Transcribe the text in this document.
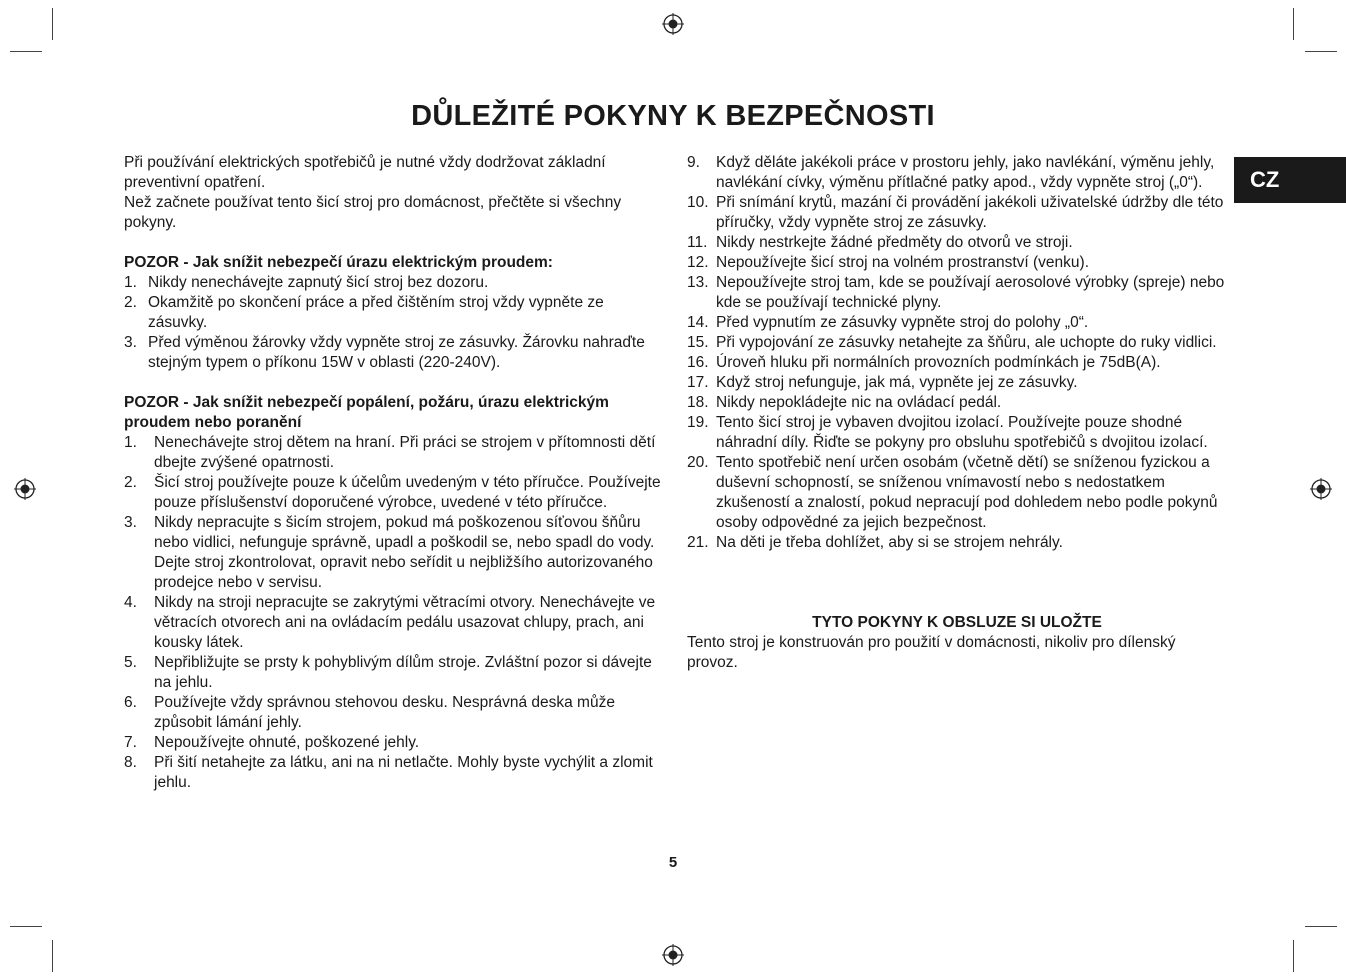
DŮLEŽITÉ POKYNY K BEZPEČNOSTI
CZ

Při používání elektrických spotřebičů je nutné vždy dodržovat základní preventivní opatření.

Než začnete používat tento šicí stroj pro domácnost, přečtěte si všechny pokyny.

POZOR - Jak snížit nebezpečí úrazu elektrickým proudem:

1. Nikdy nenechávejte zapnutý šicí stroj bez dozoru.
2. Okamžitě po skončení práce a před čištěním stroj vždy vypněte ze zásuvky.
3. Před výměnou žárovky vždy vypněte stroj ze zásuvky. Žárovku nahraďte stejným typem o příkonu 15W v oblasti (220-240V).

POZOR - Jak snížit nebezpečí popálení, požáru, úrazu elektrickým proudem nebo poranění

1. Nenechávejte stroj dětem na hraní. Při práci se strojem v přítomnosti dětí dbejte zvýšené opatrnosti.
2. Šicí stroj používejte pouze k účelům uvedeným v této příručce. Používejte pouze příslušenství doporučené výrobce, uvedené v této příručce.
3. Nikdy nepracujte s šicím strojem, pokud má poškozenou síťovou šňůru nebo vidlici, nefunguje správně, upadl a poškodil se, nebo spadl do vody. Dejte stroj zkontrolovat, opravit nebo seřídit u nejbližšího autorizovaného prodejce nebo v servisu.
4. Nikdy na stroji nepracujte se zakrytými větracími otvory. Nenechávejte ve větracích otvorech ani na ovládacím pedálu usazovat chlupy, prach, ani kousky látek.
5. Nepřibližujte se prsty k pohyblivým dílům stroje. Zvláštní pozor si dávejte na jehlu.
6. Používejte vždy správnou stehovou desku. Nesprávná deska může způsobit lámání jehly.
7. Nepoužívejte ohnuté, poškozené jehly.
8. Při šití netahejte za látku, ani na ni netlačte. Mohly byste vychýlit a zlomit jehlu.
9. Když děláte jakékoli práce v prostoru jehly, jako navlékání, výměnu jehly, navlékání cívky, výměnu přítlačné patky apod., vždy vypněte stroj („0“).
10. Při snímání krytů, mazání či provádění jakékoli uživatelské údržby dle této příručky, vždy vypněte stroj ze zásuvky.
11. Nikdy nestrkejte žádné předměty do otvorů ve stroji.
12. Nepoužívejte šicí stroj na volném prostranství (venku).
13. Nepoužívejte stroj tam, kde se používají aerosolové výrobky (spreje) nebo kde se používají technické plyny.
14. Před vypnutím ze zásuvky vypněte stroj do polohy „0“.
15. Při vypojování ze zásuvky netahejte za šňůru, ale uchopte do ruky vidlici.
16. Úroveň hluku při normálních provozních podmínkách je 75dB(A).
17. Když stroj nefunguje, jak má, vypněte jej ze zásuvky.
18. Nikdy nepokládejte nic na ovládací pedál.
19. Tento šicí stroj je vybaven dvojitou izolací. Používejte pouze shodné náhradní díly. Řiďte se pokyny pro obsluhu spotřebičů s dvojitou izolací.
20. Tento spotřebič není určen osobám (včetně dětí) se sníženou fyzickou a duševní schopností, se sníženou vnímavostí nebo s nedostatkem zkušeností a znalostí, pokud nepracují pod dohledem nebo podle pokynů osoby odpovědné za jejich bezpečnost.
21. Na děti je třeba dohlížet, aby si se strojem nehrály.

TYTO POKYNY K OBSLUZE SI ULOŽTE

Tento stroj je konstruován pro použití v domácnosti, nikoliv pro dílenský provoz.

5
